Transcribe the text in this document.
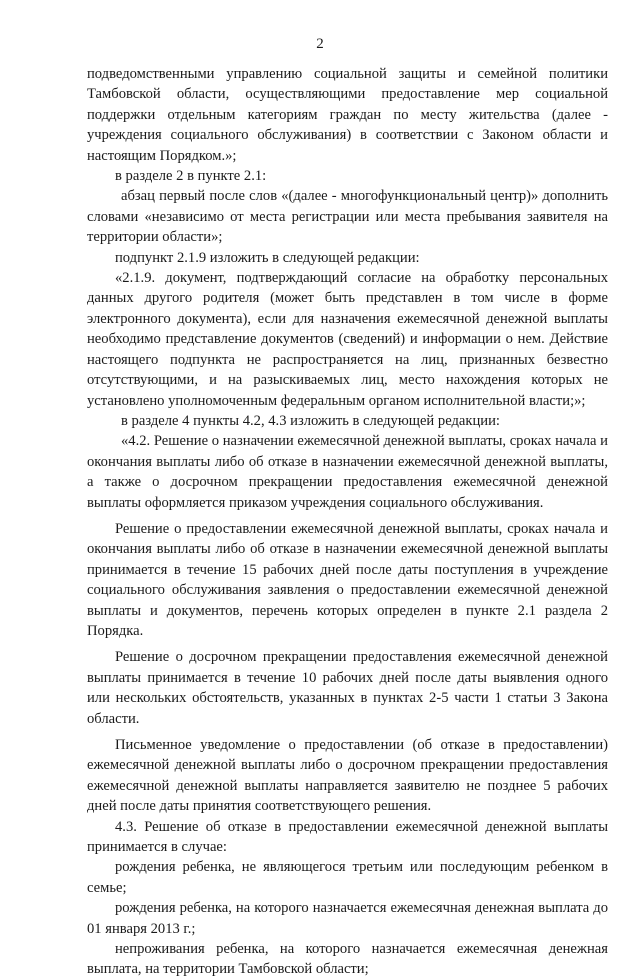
2

подведомственными управлению социальной защиты и семейной политики Тамбовской области, осуществляющими предоставление мер социальной поддержки отдельным категориям граждан по месту жительства (далее - учреждения социального обслуживания) в соответствии с Законом области и настоящим Порядком.»;

в разделе 2 в пункте 2.1:

абзац первый после слов «(далее - многофункциональный центр)» дополнить словами «независимо от места регистрации или места пребывания заявителя на территории области»;

подпункт 2.1.9 изложить в следующей редакции:

«2.1.9. документ, подтверждающий согласие на обработку персональных данных другого родителя (может быть представлен в том числе в форме электронного документа), если для назначения ежемесячной денежной выплаты необходимо представление документов (сведений) и информации о нем. Действие настоящего подпункта не распространяется на лиц, признанных безвестно отсутствующими, и на разыскиваемых лиц, место нахождения которых не установлено уполномоченным федеральным органом исполнительной власти;»;

в разделе 4 пункты 4.2, 4.3 изложить в следующей редакции:

«4.2. Решение о назначении ежемесячной денежной выплаты, сроках начала и окончания выплаты либо об отказе в назначении ежемесячной денежной выплаты, а также о досрочном прекращении предоставления ежемесячной денежной выплаты оформляется приказом учреждения социального обслуживания.

Решение о предоставлении ежемесячной денежной выплаты, сроках начала и окончания выплаты либо об отказе в назначении ежемесячной денежной выплаты принимается в течение 15 рабочих дней после даты поступления в учреждение социального обслуживания заявления о предоставлении ежемесячной денежной выплаты и документов, перечень которых определен в пункте 2.1 раздела 2 Порядка.

Решение о досрочном прекращении предоставления ежемесячной денежной выплаты принимается в течение 10 рабочих дней после даты выявления одного или нескольких обстоятельств, указанных в пунктах 2-5 части 1 статьи 3 Закона области.

Письменное уведомление о предоставлении (об отказе в предоставлении) ежемесячной денежной выплаты либо о досрочном прекращении предоставления ежемесячной денежной выплаты направляется заявителю не позднее 5 рабочих дней после даты принятия соответствующего решения.

4.3. Решение об отказе в предоставлении ежемесячной денежной выплаты принимается в случае:

рождения ребенка, не являющегося третьим или последующим ребенком в семье;

рождения ребенка, на которого назначается ежемесячная денежная выплата до 01 января 2013 г.;

непроживания ребенка, на которого назначается ежемесячная денежная выплата, на территории Тамбовской области;
